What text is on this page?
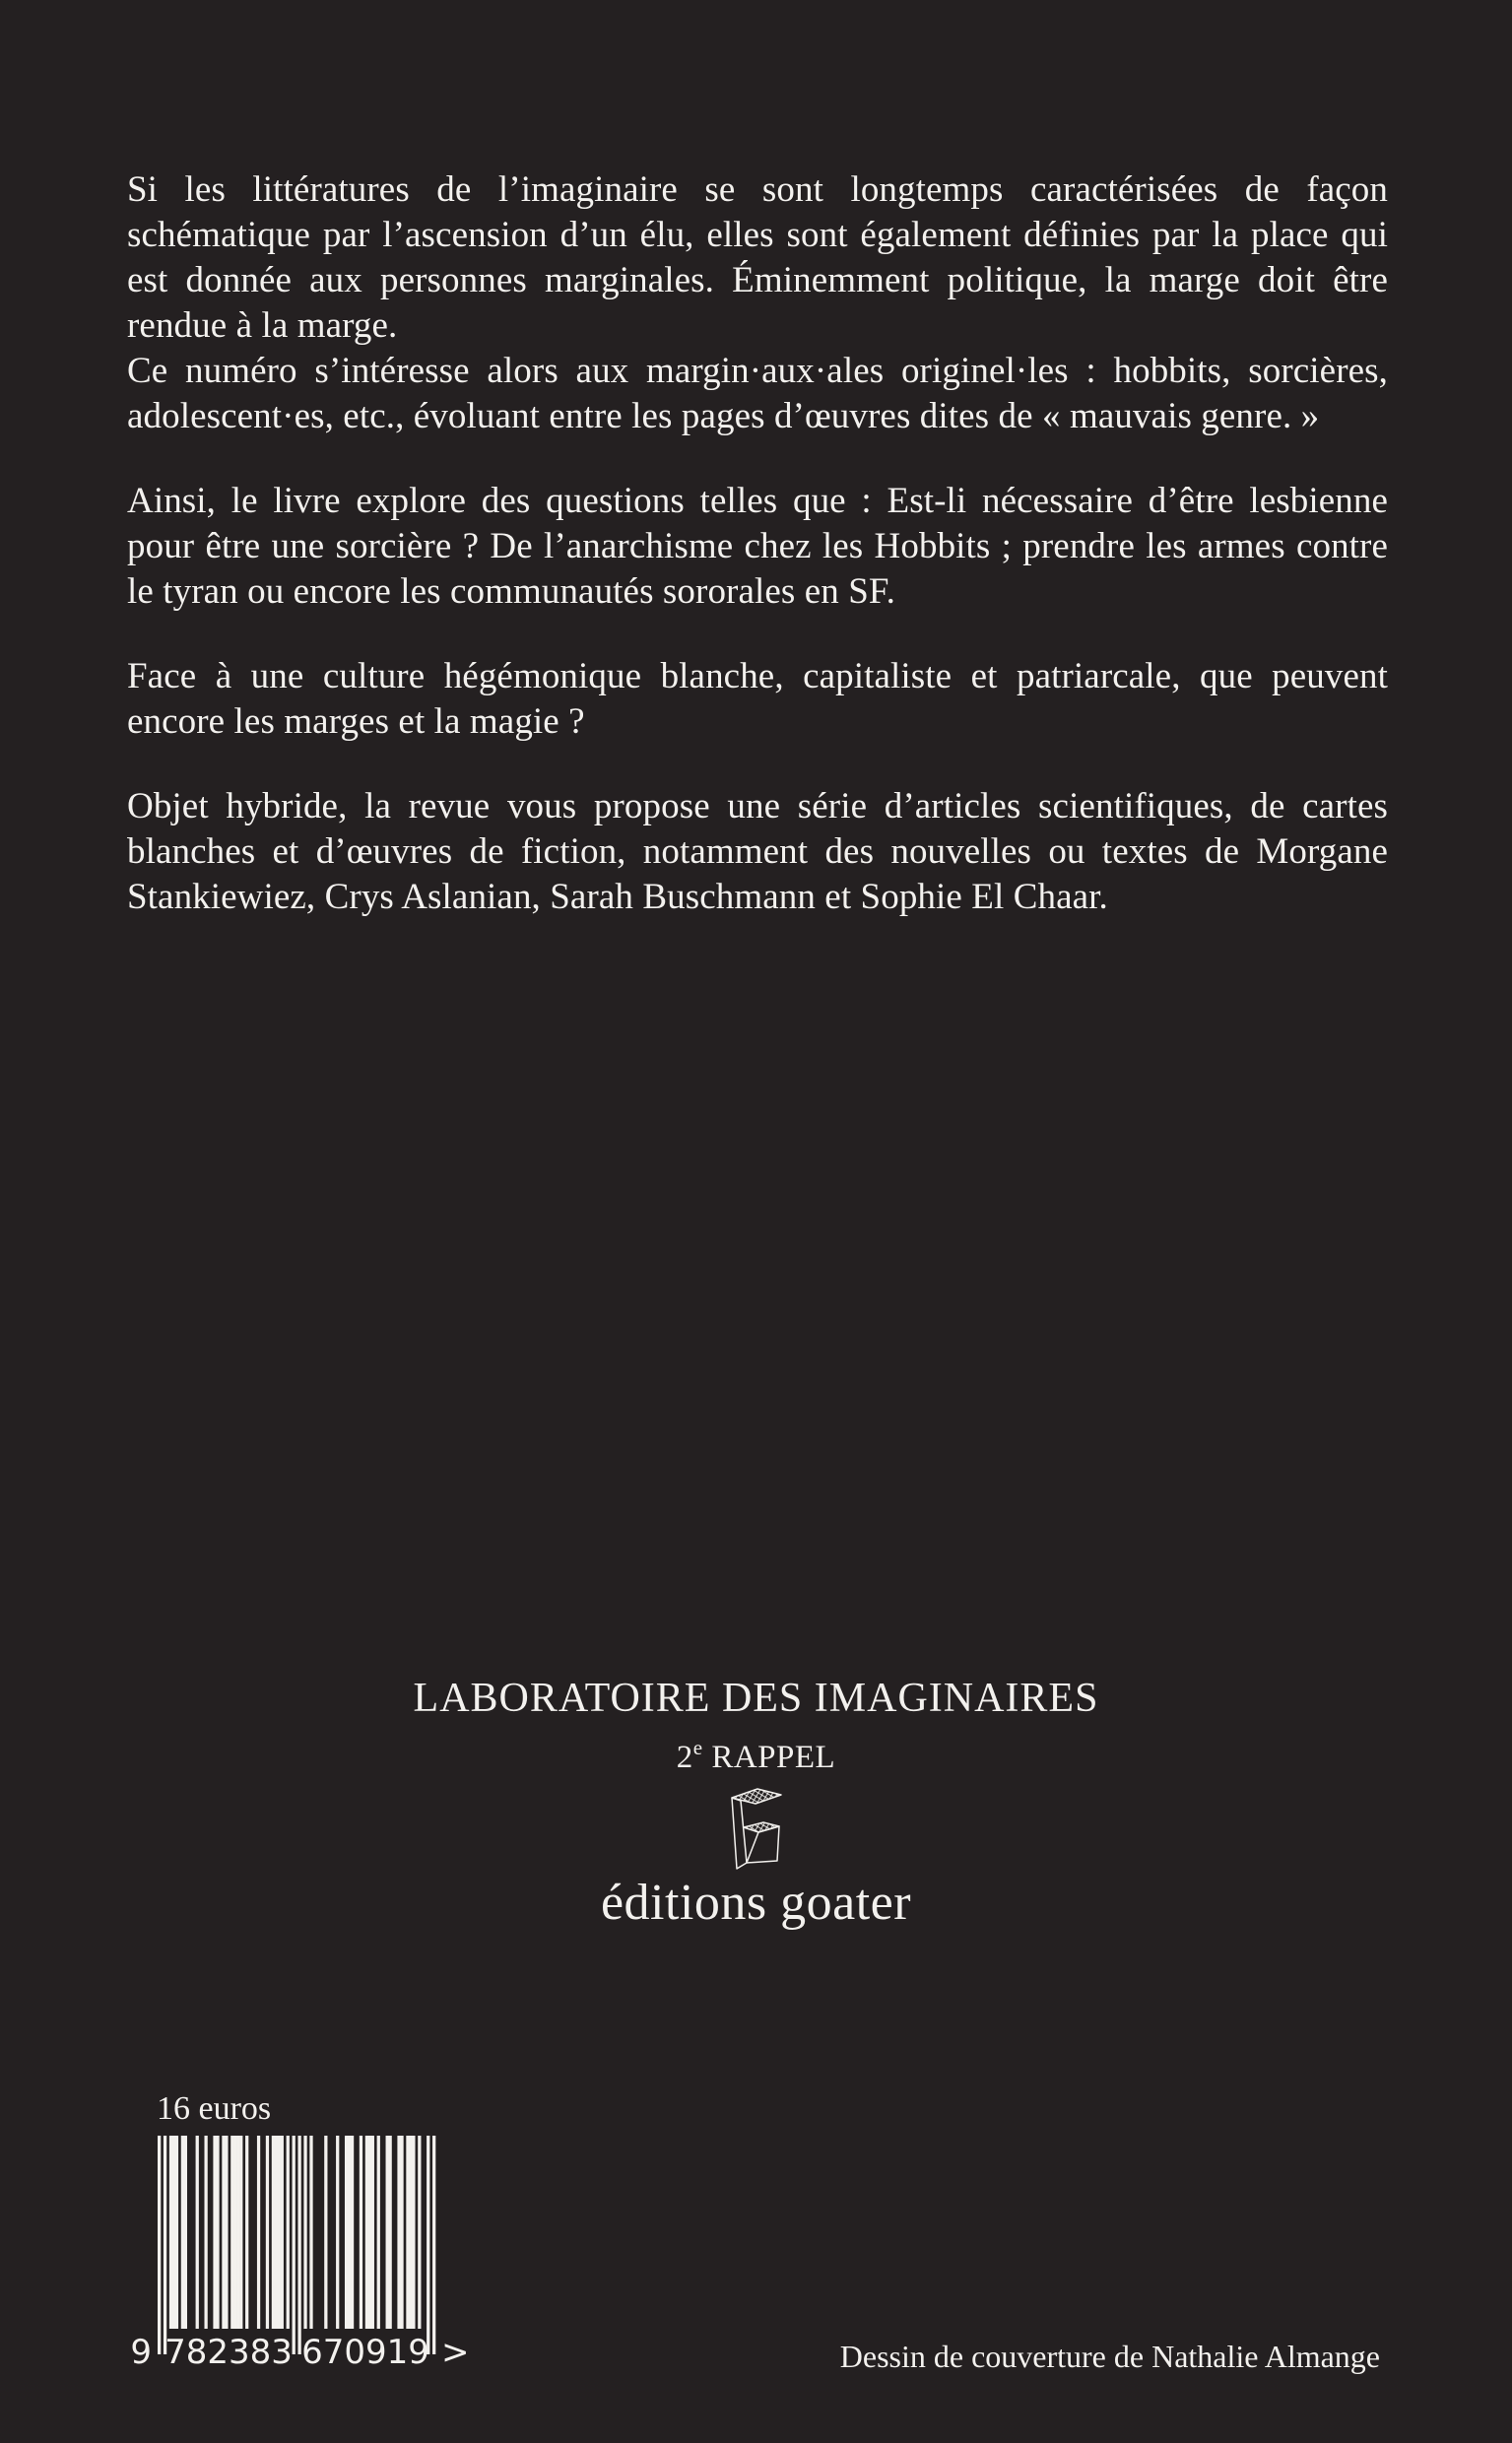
Si les littératures de l’imaginaire se sont longtemps caractérisées de façon schématique par l’ascension d’un élu, elles sont également définies par la place qui est donnée aux personnes marginales. Éminemment politique, la marge doit être rendue à la marge.

Ce numéro s’intéresse alors aux margin·aux·ales originel·les : hobbits, sorcières, adolescent·es, etc., évoluant entre les pages d’œuvres dites de « mauvais genre. »

Ainsi, le livre explore des questions telles que : Est-li nécessaire d’être lesbienne pour être une sorcière ? De l’anarchisme chez les Hobbits ; prendre les armes contre le tyran ou encore les communautés sororales en SF.

Face à une culture hégémonique blanche, capitaliste et patriarcale, que peuvent encore les marges et la magie ?

Objet hybride, la revue vous propose une série d’articles scientifiques, de cartes blanches et d’œuvres de fiction, notamment des nouvelles ou textes de Morgane Stankiewiez, Crys Aslanian, Sarah Buschmann et Sophie El Chaar.

LABORATOIRE DES IMAGINAIRES
2e RAPPEL
éditions goater
16 euros
9 782383 670919 >	Dessin de couverture de Nathalie Almange
